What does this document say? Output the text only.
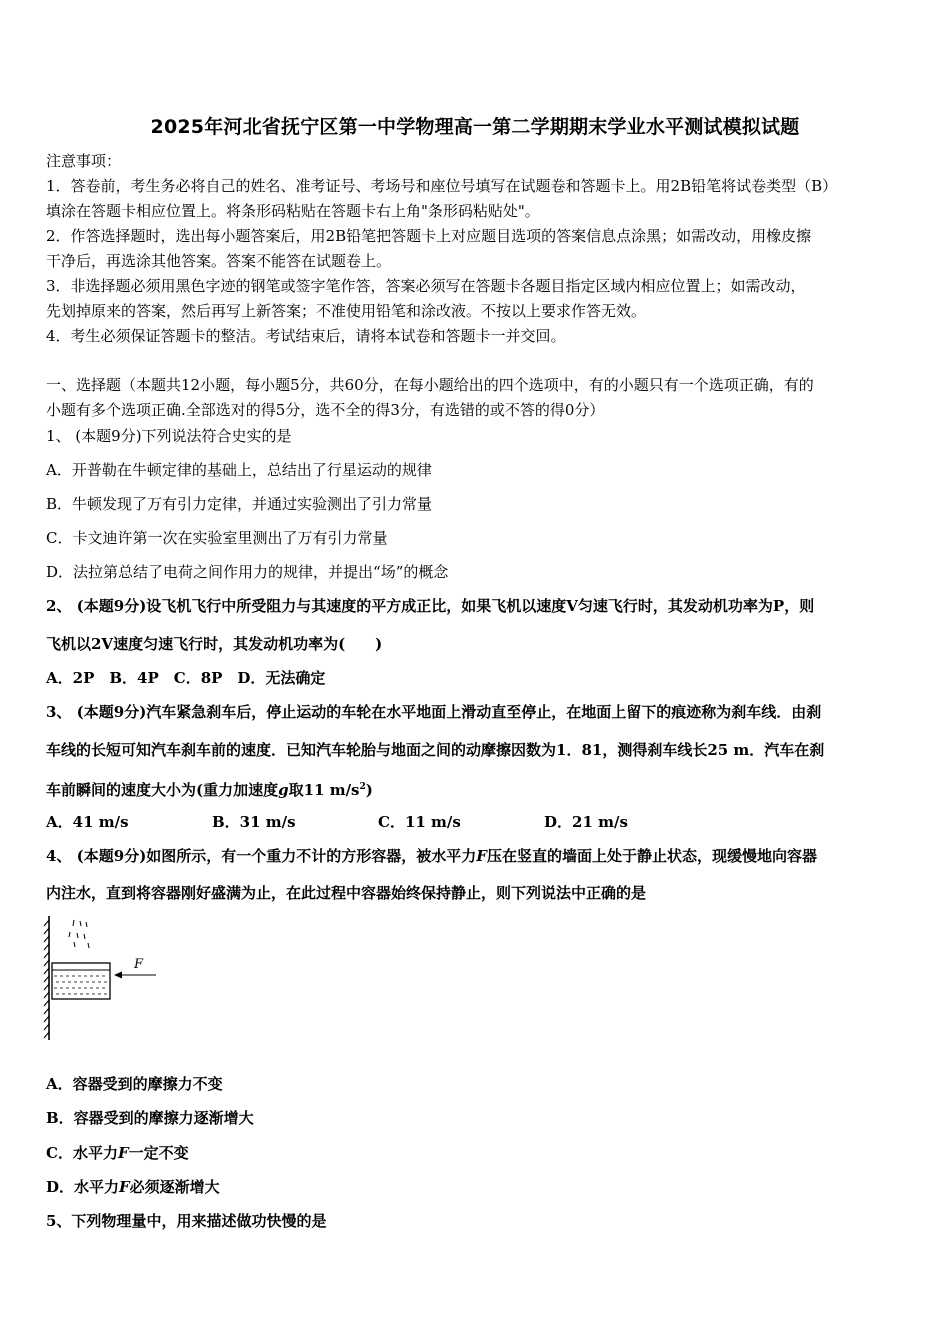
2025年河北省抚宁区第一中学物理高一第二学期期末学业水平测试模拟试题
注意事项：
1．答卷前，考生务必将自己的姓名、准考证号、考场号和座位号填写在试题卷和答题卡上。用2B铅笔将试卷类型（B）
填涂在答题卡相应位置上。将条形码粘贴在答题卡右上角"条形码粘贴处"。
2．作答选择题时，选出每小题答案后，用2B铅笔把答题卡上对应题目选项的答案信息点涂黑；如需改动，用橡皮擦
干净后，再选涂其他答案。答案不能答在试题卷上。
3．非选择题必须用黑色字迹的钢笔或签字笔作答，答案必须写在答题卡各题目指定区域内相应位置上；如需改动，
先划掉原来的答案，然后再写上新答案；不准使用铅笔和涂改液。不按以上要求作答无效。
4．考生必须保证答题卡的整洁。考试结束后，请将本试卷和答题卡一并交回。
一、选择题（本题共12小题，每小题5分，共60分，在每小题给出的四个选项中，有的小题只有一个选项正确，有的
小题有多个选项正确.全部选对的得5分，选不全的得3分，有选错的或不答的得0分）
1、 (本题9分)下列说法符合史实的是
A．开普勒在牛顿定律的基础上，总结出了行星运动的规律
B．牛顿发现了万有引力定律，并通过实验测出了引力常量
C．卡文迪许第一次在实验室里测出了万有引力常量
D．法拉第总结了电荷之间作用力的规律，并提出“场”的概念
2、 (本题9分)设飞机飞行中所受阻力与其速度的平方成正比，如果飞机以速度V匀速飞行时，其发动机功率为P，则
飞机以2V速度匀速飞行时，其发动机功率为(　　)
A．2P　B．4P　C．8P　D．无法确定
3、 (本题9分)汽车紧急刹车后，停止运动的车轮在水平地面上滑动直至停止，在地面上留下的痕迹称为刹车线．由刹
车线的长短可知汽车刹车前的速度．已知汽车轮胎与地面之间的动摩擦因数为1．81，测得刹车线长25 m．汽车在刹
车前瞬间的速度大小为(重力加速度g取11 $m/s^2$)
A．41 m/s	B．31 m/s	C．11 m/s	D．21 m/s
4、 (本题9分)如图所示，有一个重力不计的方形容器，被水平力F压在竖直的墙面上处于静止状态，现缓慢地向容器
内注水，直到将容器刚好盛满为止，在此过程中容器始终保持静止，则下列说法中正确的是
F
A．容器受到的摩擦力不变
B．容器受到的摩擦力逐渐增大
C．水平力F一定不变
D．水平力F必须逐渐增大
5、下列物理量中，用来描述做功快慢的是
